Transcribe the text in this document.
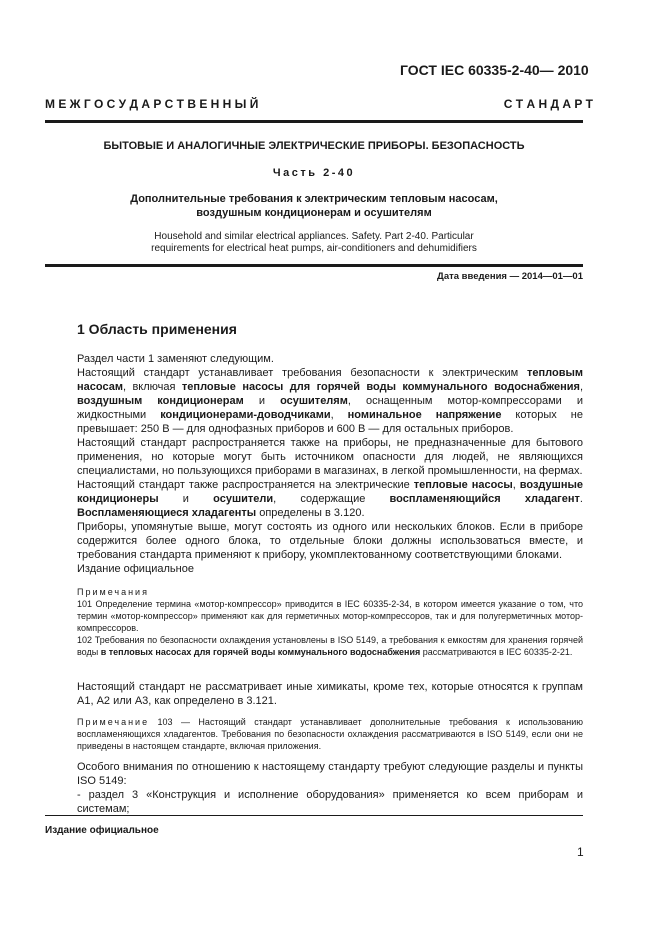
ГОСТ IEC 60335-2-40— 2010
М Е Ж Г О С У Д А Р С Т В Е Н Н Ы Й	С Т А Н Д А Р Т
БЫТОВЫЕ И АНАЛОГИЧНЫЕ ЭЛЕКТРИЧЕСКИЕ ПРИБОРЫ. БЕЗОПАСНОСТЬ
Часть 2-40
Дополнительные требования к электрическим тепловым насосам,
воздушным кондиционерам и осушителям
Household and similar electrical appliances. Safety. Part 2-40. Particular
requirements for electrical heat pumps, air-conditioners and dehumidifiers
Дата введения — 2014—01—01
1 Область применения

Раздел части 1 заменяют следующим.

Настоящий стандарт устанавливает требования безопасности к электрическим тепловым насосам, включая тепловые насосы для горячей воды коммунального водоснабжения, воздушным кондиционерам и осушителям, оснащенным мотор-компрессорами и жидкостными кондиционерами-доводчиками, номинальное напряжение которых не превышает: 250 В — для однофазных приборов и 600 В — для остальных приборов.

Настоящий стандарт распространяется также на приборы, не предназначенные для бытового применения, но которые могут быть источником опасности для людей, не являющихся специалистами, но пользующихся приборами в магазинах, в легкой промышленности, на фермах.

Настоящий стандарт также распространяется на электрические тепловые насосы, воздушные кондиционеры и осушители, содержащие воспламеняющийся хладагент. Воспламеняющиеся хладагенты определены в 3.120.

Приборы, упомянутые выше, могут состоять из одного или нескольких блоков. Если в приборе содержится более одного блока, то отдельные блоки должны использоваться вместе, и требования стандарта применяют к прибору, укомплектованному соответствующими блоками.

Издание официальное

Примечания

101 Определение термина «мотор-компрессор» приводится в IEC 60335-2-34, в котором имеется указание о том, что термин «мотор-компрессор» применяют как для герметичных мотор-компрессоров, так и для полугерметичных мотор-компрессоров.

102 Требования по безопасности охлаждения установлены в ISO 5149, а требования к емкостям для хранения горячей воды в тепловых насосах для горячей воды коммунального водоснабжения рассматриваются в IEC 60335-2-21.

Настоящий стандарт не рассматривает иные химикаты, кроме тех, которые относятся к группам А1, А2 или А3, как определено в 3.121.

Примечание 103 — Настоящий стандарт устанавливает дополнительные требования к использованию воспламеняющихся хладагентов. Требования по безопасности охлаждения рассматриваются в ISO 5149, если они не приведены в настоящем стандарте, включая приложения.

Особого внимания по отношению к настоящему стандарту требуют следующие разделы и пункты ISO 5149:

- раздел 3 «Конструкция и исполнение оборудования» применяется ко всем приборам и системам;

Издание официальное
1
